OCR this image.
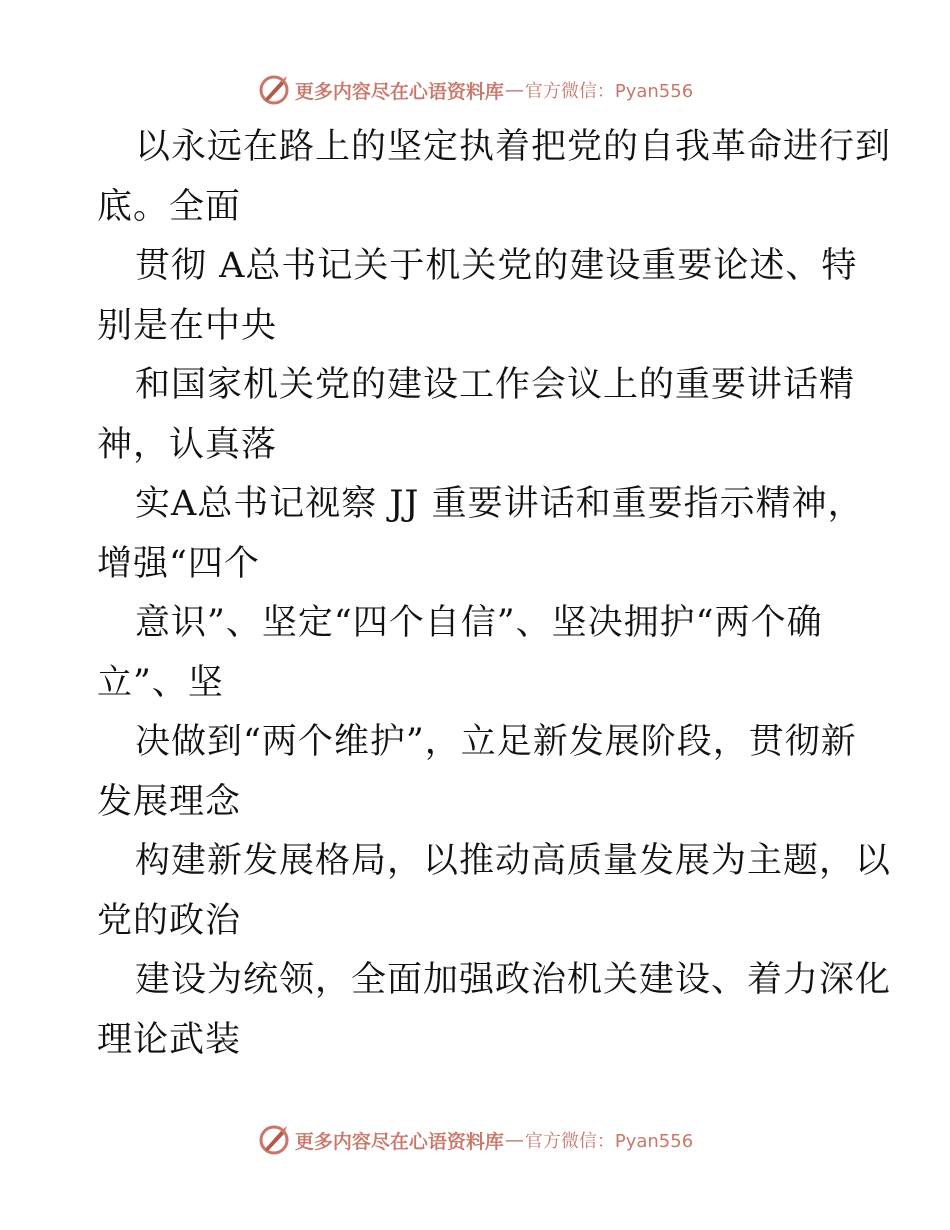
更多内容尽在心语资料库 — 官方微信：Pyan556
以永远在路上的坚定执着把党的自我革命进行到
底。全面
贯彻 A总书记关于机关党的建设重要论述、特
别是在中央
和国家机关党的建设工作会议上的重要讲话精
神，认真落
实A总书记视察 JJ 重要讲话和重要指示精神，
增强“四个
意识”、坚定“四个自信”、坚决拥护“两个确
立”、坚
决做到“两个维护”，立足新发展阶段，贯彻新
发展理念
构建新发展格局，以推动高质量发展为主题，以
党的政治
建设为统领，全面加强政治机关建设、着力深化
理论武装
更多内容尽在心语资料库 — 官方微信：Pyan556
